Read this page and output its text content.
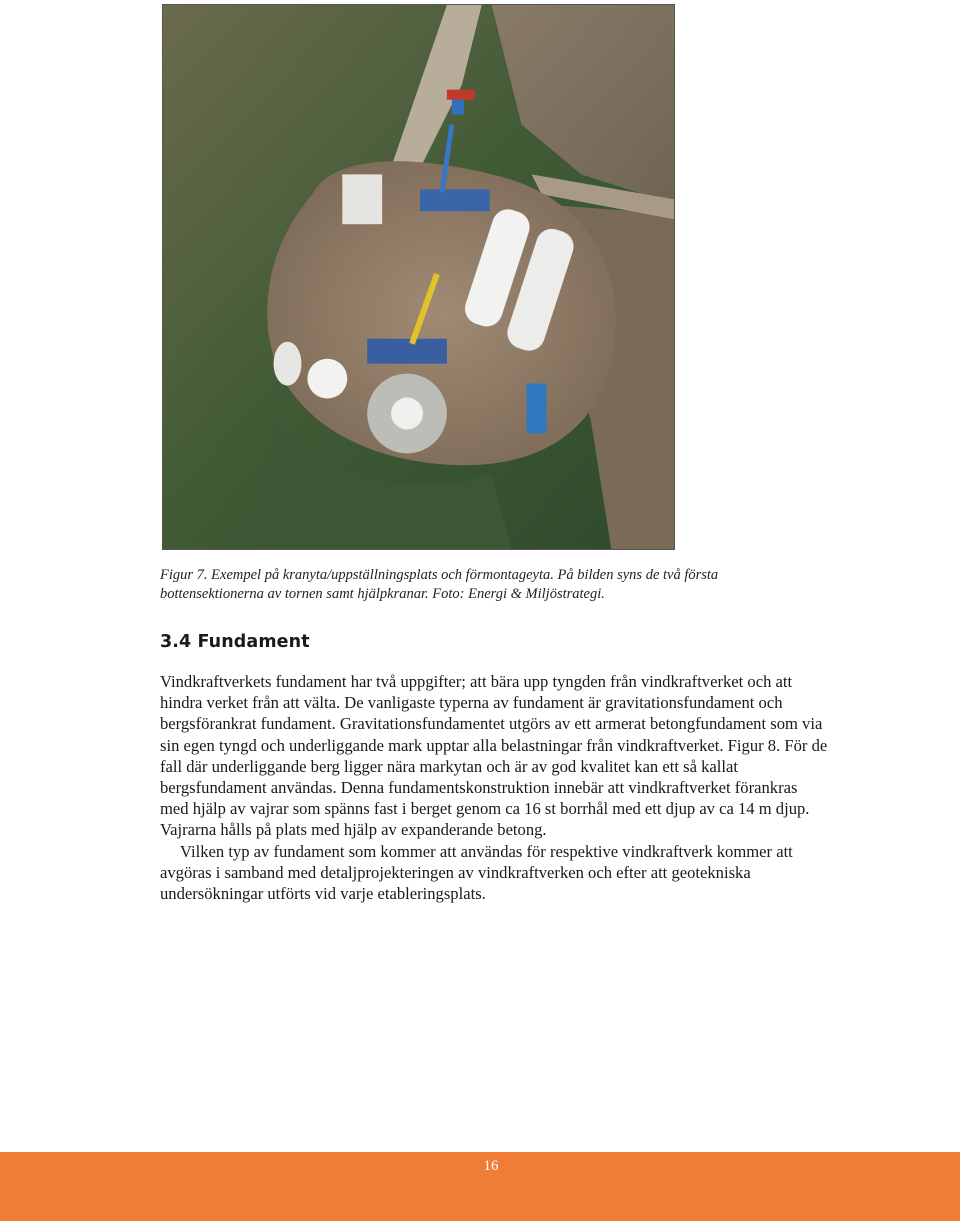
Figur 7. Exempel på kranyta/uppställningsplats och förmontageyta. På bilden syns de två första
bottensektionerna av tornen samt hjälpkranar. Foto: Energi & Miljöstrategi.

3.4 Fundament

Vindkraftverkets fundament har två uppgifter; att bära upp tyngden från vindkraftverket och att hindra verket från att välta. De vanligaste typerna av fundament är gravitationsfundament och bergsförankrat fundament. Gravitationsfundamentet utgörs av ett armerat betongfundament som via sin egen tyngd och underliggande mark upptar alla belastningar från vindkraftverket. Figur 8. För de fall där underliggande berg ligger nära markytan och är av god kvalitet kan ett så kallat bergsfundament användas. Denna fundamentskonstruktion innebär att vindkraftverket förankras med hjälp av vajrar som spänns fast i berget genom ca 16 st borrhål med ett djup av ca 14 m djup. Vajrarna hålls på plats med hjälp av expanderande betong.

Vilken typ av fundament som kommer att användas för respektive vindkraftverk kommer att avgöras i samband med detaljprojekteringen av vindkraftverken och efter att geotekniska undersökningar utförts vid varje etableringsplats.

16
